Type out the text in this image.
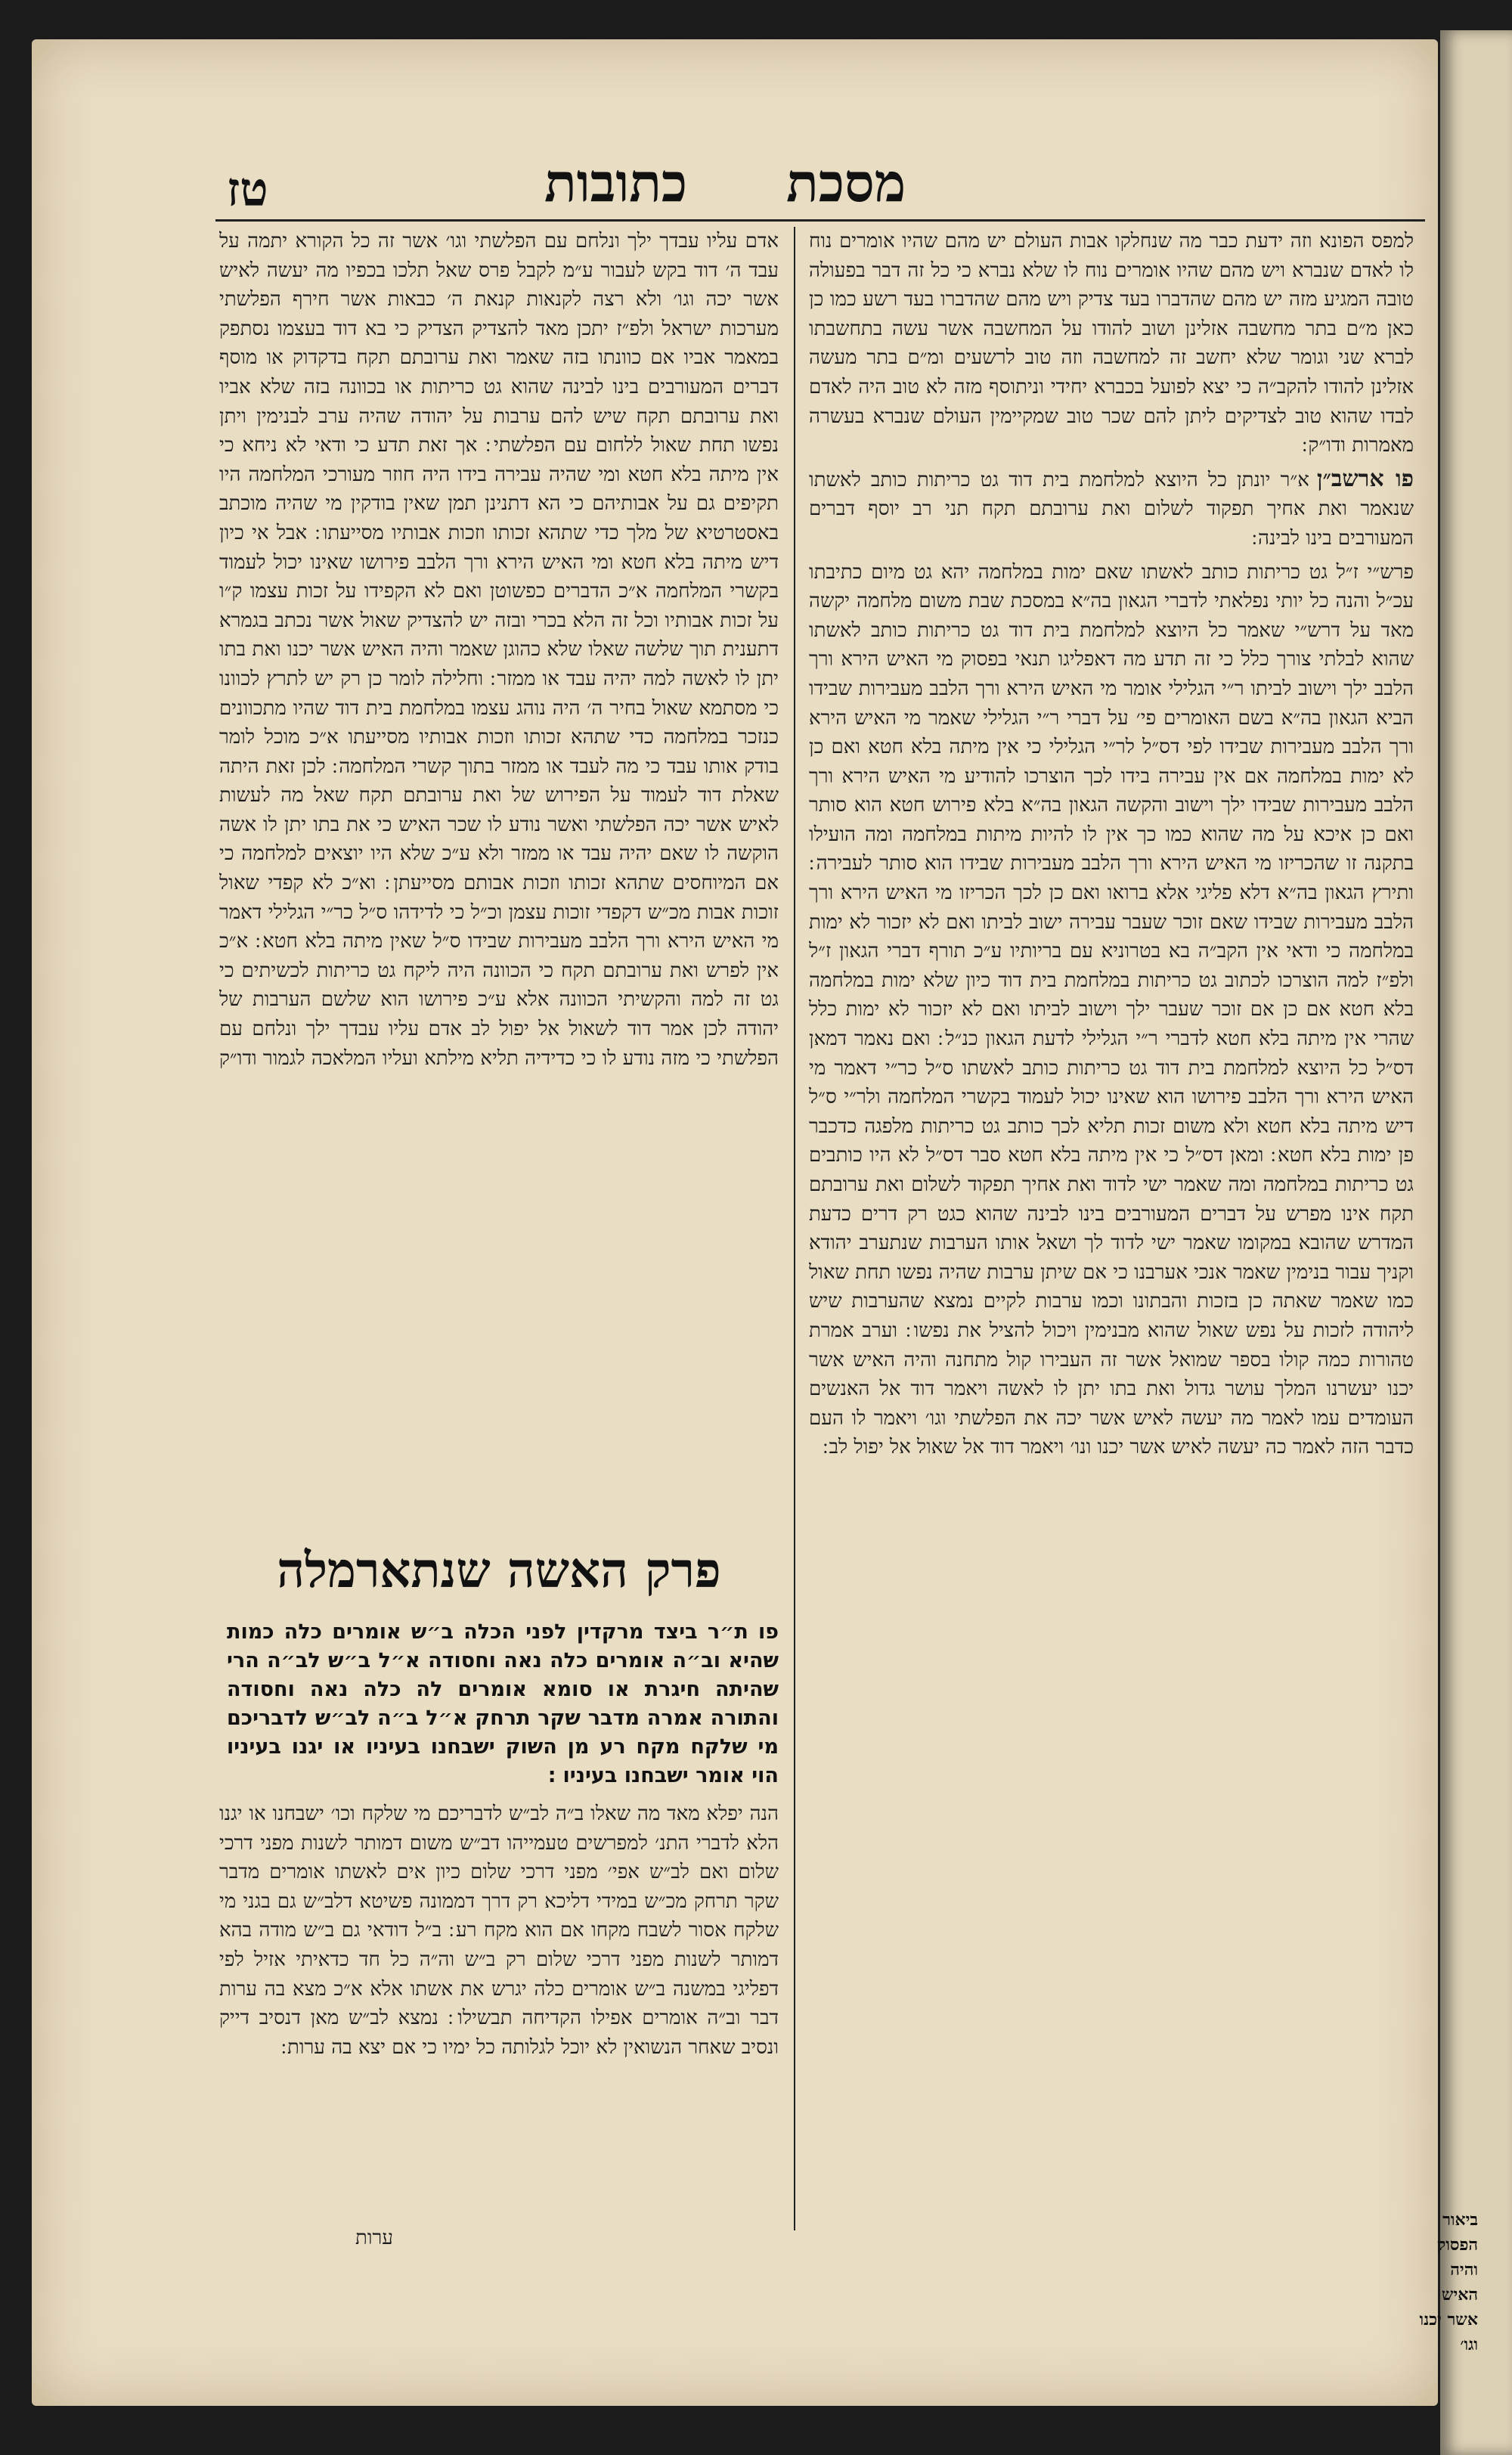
מסכת
כתובות
טז

למפס הפונא וזה ידעת כבר מה שנחלקו אבות העולם יש מהם שהיו אומרים נוח לו לאדם שנברא ויש מהם שהיו אומרים נוח לו שלא נברא כי כל זה דבר בפעולה טובה המגיע מזה יש מהם שהדברו בעד צדיק ויש מהם שהדברו בעד רשע כמו כן כאן מ״ם בתר מחשבה אזלינן ושוב להודו על המחשבה אשר עשה בתחשבתו לברא שני וגומר שלא יחשב זה למחשבה וזה טוב לרשעים ומ״ם בתר מעשה אזלינן להודו להקב״ה כי יצא לפועל בכברא יחידי וניתוסף מזה לא טוב היה לאדם לבדו שהוא טוב לצדיקים ליתן להם שכר טוב שמקיימין העולם שנברא בעשרה מאמרות ודו״ק ׃

פו ארשב״ןא״ר יונתן כל היוצא למלחמת בית דוד גט כריתות כותב לאשתו שנאמר ואת אחיך תפקוד לשלום ואת ערובתם תקח תני רב יוסף דברים המעורבים בינו לבינה ׃

פרש״י ז״ל גט כריתות כותב לאשתו שאם ימות במלחמה יהא גט מיום כתיבתו עכ״ל והנה כל יותי נפלאתי לדברי הגאון בה״א במסכת שבת משום מלחמה יקשה מאד על דרש״י שאמר כל היוצא למלחמת בית דוד גט כריתות כותב לאשתו שהוא לבלתי צורך כלל כי זה תדע מה דאפליגו תנאי בפסוק מי האיש הירא ורך הלבב ילך וישוב לביתו ר״י הגלילי אומר מי האיש הירא ורך הלבב מעבירות שבידו הביא הגאון בה״א בשם האומרים פי׳ על דברי ר״י הגלילי שאמר מי האיש הירא ורך הלבב מעבירות שבידו לפי דס״ל לר״י הגלילי כי אין מיתה בלא חטא ואם כן לא ימות במלחמה אם אין עבירה בידו לכך הוצרכו להודיע מי האיש הירא ורך הלבב מעבירות שבידו ילך וישוב והקשה הגאון בה״א בלא פירוש חטא הוא סותר ואם כן איכא על מה שהוא כמו כך אין לו להיות מיתות במלחמה ומה הועילו בתקנה זו שהכריזו מי האיש הירא ורך הלבב מעבירות שבידו הוא סותר לעבירה ׃ ותירץ הגאון בה״א דלא פליגי אלא ברואו ואם כן לכך הכריזו מי האיש הירא ורך הלבב מעבירות שבידו שאם זוכר שעבר עבירה ישוב לביתו ואם לא יזכור לא ימות במלחמה כי ודאי אין הקב״ה בא בטרוניא עם בריותיו ע״כ תורף דברי הגאון ז״ל ולפ״ז למה הוצרכו לכתוב גט כריתות במלחמת בית דוד כיון שלא ימות במלחמה בלא חטא אם כן אם זוכר שעבר ילך וישוב לביתו ואם לא יזכור לא ימות כלל שהרי אין מיתה בלא חטא לדברי ר״י הגלילי לדעת הגאון כנ״ל ׃ ואם נאמר דמאן דס״ל כל היוצא למלחמת בית דוד גט כריתות כותב לאשתו ס״ל כר״י דאמר מי האיש הירא ורך הלבב פירושו הוא שאינו יכול לעמוד בקשרי המלחמה ולר״י ס״ל דיש מיתה בלא חטא ולא משום זכות תליא לכך כותב גט כריתות מלפגה כדכבר פן ימות בלא חטא ׃ ומאן דס״ל כי אין מיתה בלא חטא סבר דס״ל לא היו כותבים גט כריתות במלחמה ומה שאמר ישי לדוד ואת אחיך תפקוד לשלום ואת ערובתם תקח אינו מפרש על דברים המעורבים בינו לבינה שהוא כגט רק דרים כדעת המדרש שהובא במקומו שאמר ישי לדוד לך ושאל אותו הערבות שנתערב יהודא וקניך עבור בנימין שאמר אנכי אערבנו כי אם שיתן ערבות שהיה נפשו תחת שאול כמו שאמר שאתה כן בזכות והבתונו וכמו ערבות לקיים נמצא שהערבות שיש ליהודה לזכות על נפש שאול שהוא מבנימין ויכול להציל את נפשו ׃ וערב אמרת טהורות כמה קולו בספר שמואל אשר זה העבירו קול מתחנה והיה האיש אשר יכנו יעשרנו המלך עושר גדול ואת בתו יתן לו לאשה ויאמר דוד אל האנשים העומדים עמו לאמר מה יעשה לאיש אשר יכה את הפלשתי וגו׳ ויאמר לו העם כדבר הזה לאמר כה יעשה לאיש אשר יכנו ונו׳ ויאמר דוד אל שאול אל יפול לב ׃

אדם עליו עבדך ילך ונלחם עם הפלשתי וגו׳ אשר זה כל הקורא יתמה על עבד ה׳ דוד בקש לעבור ע״מ לקבל פרס שאל תלכו בכפיו מה יעשה לאיש אשר יכה וגו׳ ולא רצה לקנאות קנאת ה׳ כבאות אשר חירף הפלשתי מערכות ישראל ולפ״ז יתכן מאד להצדיק הצדיק כי בא דוד בעצמו נסתפק במאמר אביו אם כוונתו בזה שאמר ואת ערובתם תקח בדקדוק או מוסף דברים המעורבים בינו לבינה שהוא גט כריתות או בכוונה בזה שלא אביו ואת ערובתם תקח שיש להם ערבות על יהודה שהיה ערב לבנימין ויתן נפשו תחת שאול ללחום עם הפלשתי ׃ אך זאת תדע כי ודאי לא ניחא כי אין מיתה בלא חטא ומי שהיה עבירה בידו היה חוזר מעורכי המלחמה היו תקיפים גם על אבותיהם כי הא דתנינן תמן שאין בודקין מי שהיה מוכתב באסטרטיא של מלך כדי שתהא זכותו וזכות אבותיו מסייעתו ׃ אבל אי כיון דיש מיתה בלא חטא ומי האיש הירא ורך הלבב פירושו שאינו יכול לעמוד בקשרי המלחמה א״כ הדברים כפשוטן ואם לא הקפידו על זכות עצמו ק״ו על זכות אבותיו וכל זה הלא בכרי ובזה יש להצדיק שאול אשר נכתב בגמרא דתענית תוך שלשה שאלו שלא כהוגן שאמר והיה האיש אשר יכנו ואת בתו יתן לו לאשה למה יהיה עבד או ממזר ׃ וחלילה לומר כן רק יש לתרץ לכוונו כי מסתמא שאול בחיר ה׳ היה נוהג עצמו במלחמת בית דוד שהיו מתכוונים כנזכר במלחמה כדי שתהא זכותו וזכות אבותיו מסייעתו א״כ מוכל לומר בודק אותו עבד כי מה לעבד או ממזר בתוך קשרי המלחמה ׃ לכן זאת היתה שאלת דוד לעמוד על הפירוש של ואת ערובתם תקח שאל מה לעשות לאיש אשר יכה הפלשתי ואשר נודע לו שכר האיש כי את בתו יתן לו אשה הוקשה לו שאם יהיה עבד או ממזר ולא ע״כ שלא היו יוצאים למלחמה כי אם המיוחסים שתהא זכותו וזכות אבותם מסייעתן ׃ וא״כ לא קפדי שאול זוכות אבות מכ״ש דקפדי זוכות עצמן וכ״ל כי לדידהו ס״ל כר״י הגלילי דאמר מי האיש הירא ורך הלבב מעבירות שבידו ס״ל שאין מיתה בלא חטא ׃ א״כ אין לפרש ואת ערובתם תקח כי הכוונה היה ליקח גט כריתות לכשיתים כי גט זה למה והקשיתי הכוונה אלא ע״כ פירושו הוא שלשם הערבות של יהודה לכן אמר דוד לשאול אל יפול לב אדם עליו עבדך ילך ונלחם עם הפלשתי כי מזה נודע לו כי כדידיה תליא מילתא ועליו המלאכה לגמור ודו״ק

פרק האשה שנתארמלה
פו ת״ר ביצד מרקדין לפני הכלה ב״ש אומרים כלה כמות שהיא וב״ה אומרים כלה נאה וחסודה א״ל ב״ש לב״ה הרי שהיתה חיגרת או סומא אומרים לה כלה נאה וחסודה והתורה אמרה מדבר שקר תרחק א״ל ב״ה לב״ש לדבריכם מי שלקח מקח רע מן השוק ישבחנו בעיניו או יגנו בעיניו הוי אומר ישבחנו בעיניו ׃

הנה יפלא מאד מה שאלו ב״ה לב״ש לדבריכם מי שלקח וכו׳ ישבחנו או יגנו הלא לדברי התנ׳ למפרשים טעמייהו דב״ש משום דמותר לשנות מפני דרכי שלום ואם לב״ש אפי׳ מפני דרכי שלום כיון אים לאשתו אומרים מדבר שקר תרחק מכ״ש במידי דליכא רק דרך דממונה פשיטא דלב״ש גם בגני מי שלקח אסור לשבח מקחו אם הוא מקח רע ׃ ב״ל דודאי גם ב״ש מודה בהא דמותר לשנות מפני דרכי שלום רק ב״ש וה״ה כל חד כדאיתי אזיל לפי דפליגי במשנה ב״ש אומרים כלה יגרש את אשתו אלא א״כ מצא בה ערות דבר וב״ה אומרים אפילו הקדיחה תבשילו ׃ נמצא לב״ש מאן דנסיב דייק ונסיב שאחר הנשואין לא יוכל לגלותה כל ימיו כי אם יצא בה ערות ׃

ערות
ביאור הפסוק והיה האיש אשר יכנו וגו׳
